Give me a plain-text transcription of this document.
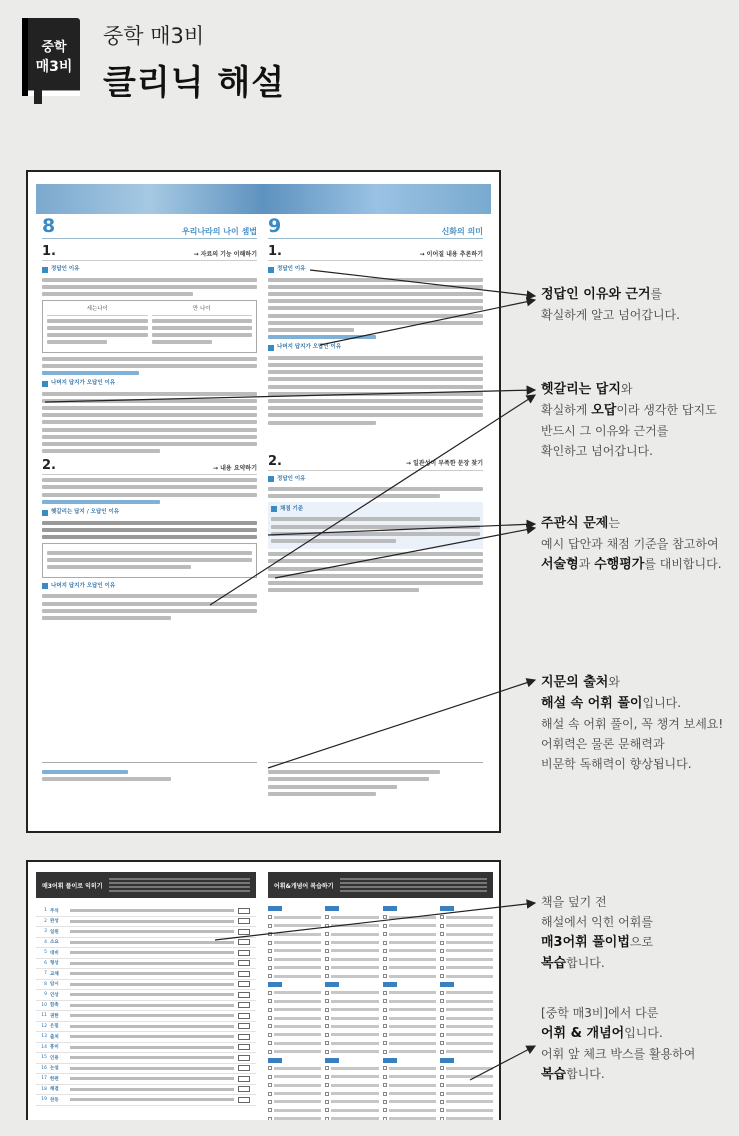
중학
매3비
중학 매3비
클리닉 해설
8	우리나라의 나이 셈법
1.	→ 자료의 기능 이해하기
정답인 이유
세는나이	만 나이
나머지 답지가 오답인 이유
2.	→ 내용 요약하기
헷갈리는 답지 / 오답인 이유
나머지 답지가 오답인 이유
9	신화의 의미
1.	→ 이어질 내용 추론하기
정답인 이유
나머지 답지가 오답인 이유
2.	→ 일관성이 부족한 문장 찾기
정답인 이유
채점 기준
매3어휘 풀이로 익히기
1 주석
2 완성
3 일원
4 소요
5 대비
6 형상
7 교체
8 암시
9 인상
10 함축
11 권한
12 은밀
13 출처
14 흥미
15 인용
16 논설
17 한편
18 해결
19 찬동
어휘&개념어 복습하기
정답인 이유와 근거를
확실하게 알고 넘어갑니다.
헷갈리는 답지와
확실하게 오답이라 생각한 답지도
반드시 그 이유와 근거를
확인하고 넘어갑니다.
주관식 문제는
예시 답안과 채점 기준을 참고하여
서술형과 수행평가를 대비합니다.
지문의 출처와
해설 속 어휘 풀이입니다.
해설 속 어휘 풀이, 꼭 챙겨 보세요!
어휘력은 물론 문해력과
비문학 독해력이 향상됩니다.
책을 덮기 전
해설에서 익힌 어휘를
매3어휘 풀이법으로
복습합니다.
[중학 매3비]에서 다룬
어휘 & 개념어입니다.
어휘 앞 체크 박스를 활용하여
복습합니다.
